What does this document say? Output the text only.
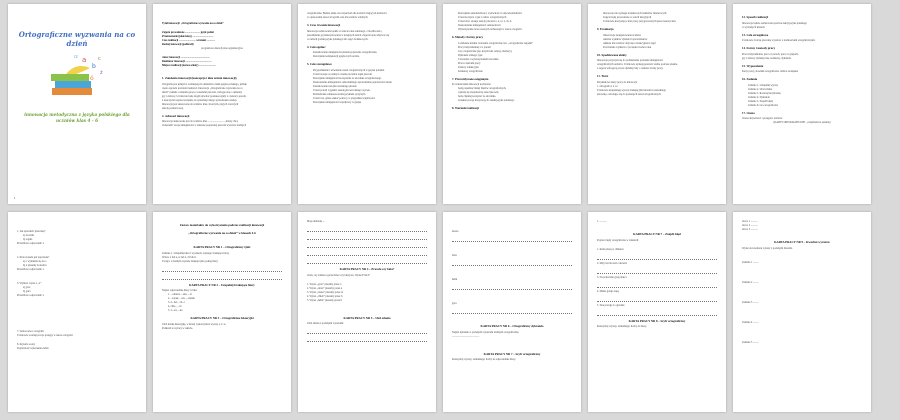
Ortograficzne wyzwania na co dzień
a
b
c
ó
ż
rz
innowacja metodyczna z języka polskiego dla uczniów klas 4 - 6
1
Tytuł innowacji: „Ortograficzne wyzwania na co dzień”
Zajęcia prowadzone ....................... język polski
Przeznaczenie (jakie klasy) ................................
Czas realizacji .......................... wrzesień .............
Rodzaj innowacji (podkreśl):
programowa metodyczna organizacyjna
Autor innowacji .............................................
Realizator innowacji ........................................
Miejsce realizacji (nazwa szkoły) ..........................
1. Założenia innowacji (koncepcja i idea ucznia innowacji)
Ortografia jest jednym z ważniejszych elementów nauki języka polskiego, jednak
często sprawia uczniom trudności. Innowacja „Ortograficzne wyzwania na co
dzień” zakłada codzienną pracę z zasadami pisowni, wzbogaconą o elementy
gry i zabawy. Uczniowie będą mogli utrwalać poznane reguły w ciekawy sposób,
a nauczyciel uzyska narzędzie do systematycznego sprawdzania wiedzy.
Innowacja jest skierowana do uczniów klas czwartych, piątych i szóstych
szkoły podstawowej.
2. Adresaci innowacji
Innowacja skierowana jest do uczniów klas .......................... ,którzy chcą
doskonalić swoje umiejętności w zakresie poprawnej pisowni wyrazów trudnych
ortograficznie. Będzie także ona wsparciem dla uczniów mających trudności
w opanowaniu zasad ortografii oraz dla uczniów zdolnych.
3. Czas trwania innowacji
Innowacja realizowana będzie w trakcie roku szkolnego, z możliwością
przedłużenia jej funkcjonowania w kolejnych latach. Zajęcia będą odbywać się
w ramach godzin języka polskiego lub zajęć dodatkowych.
4. Cele ogólne:
Kształtowanie umiejętności pisania poprawnie ortograficznie,
Rozwijanie kompetencji językowych ucznia.
5. Cele szczegółowe
Przypomnienie i utrwalenie zasad ortograficznych w języku polskim
Uczeń stosuje w praktyce wiedzę na temat reguł pisowni
Rozwijanie umiejętności korzystania ze słownika ortograficznego
Doskonalenie umiejętności samodzielnego sprawdzania poprawności tekstu
Kształtowanie nawyku starannego pisania
Uczeń potrafi wyjaśnić zasadę pisowni danego wyrazu
Rozbudzanie zainteresowania językiem ojczystym
Uczeń wie, gdzie szukać pomocy w przypadku wątpliwości
Rozwijanie umiejętności współpracy w grupie
Rozwijanie samodzielności, wytrwałości i odpowiedzialności
Uczeń korzysta z gier i zabaw ortograficznych
Uczeń zna i stosuje zasady pisowni ó, u, rz, ż, ch, h
Doskonalenie umiejętności samokontroli
Wykorzystanie nowoczesnych technologii w nauce ortografii
6. Metody i formy pracy
Codzienne krótkie ćwiczenia ortograficzne tzw. „ortograficzne zagadki”
Pracy indywidualnej i w parach
Gry ortograficzne (np. krzyżówki, rebusy, memory)
Dyktanda różnego typu
Ćwiczenia z wykorzystaniem słownika
Praca z kartami pracy
Zabawy edukacyjne
Konkursy ortograficzne
7. Przewidywane osiągnięcia
Po zakończeniu innowacji uczniowie:
będą popełniać mniej błędów ortograficznych,
wykażą się znajomością zasad pisowni,
będą chętniej korzystać ze słownika,
zwiększą swoją motywację do nauki języka polskiego.
8. Warunki realizacji
Innowacja nie wymaga dodatkowych nakładów finansowych.
Zajęcia będą prowadzone w salach lekcyjnych
Uczniowie korzystają z kart pracy przygotowanych przez nauczyciela.
9. Ewaluacja
Obserwacje zaangażowania uczniów
Analiza wyników dyktand i sprawdzianów
Ankieta dla uczniów dotycząca atrakcyjności zajęć
Porównanie wyników z początku i końca roku
10. Spodziewane efekty
Innowacja przyczyni się do podniesienia poziomu umiejętności
ortograficznych uczniów. Uczniowie zyskają pewność siebie podczas pisania,
a zajęcia wzbogacą proces dydaktyczny o ciekawe formy pracy.
11. Treść
Przykładowe karty pracy do innowacji
1. Ortografia z ó i u
Uczniowie uzupełniają wyrazy brakującymi literami i uzasadniają
pisownię, odwołując się do poznanych zasad ortograficznych.
12. Sposób realizacji
Innowacja będzie realizowana podczas lekcji języka polskiego
w wybranych klasach.
13. Cele szczegółowe
Uczniowie ćwiczą pisownię wyrazów z trudnościami ortograficznymi.
14. Formy i metody pracy
Praca indywidualna, praca w parach, praca w grupach,
gry i zabawy dydaktyczne, konkursy, dyktanda.
15. Wyposażenie
Karty pracy, słowniki ortograficzne, tablica, komputer
16. Zadania
Zadanie 1. Uzupełnij wyrazy
Zadanie 2. Ułóż zdania
Zadanie 3. Rozwiąż krzyżówkę
Zadanie 4. Dyktando
Zadanie 5. Znajdź błędy
Zadanie 6. Gra ortograficzna
17. Ocena
Ocena aktywności i postępów uczniów
(KARTY ORTOGRAFICZNE – przykładowe zadania)
1. Jak sprawdzić pisownię?
a) słownik
b) reguła
Prawidłowa odpowiedź: a
2. Która zasada jest poprawna?
a) ó wymienia się na o
b) u piszemy na końcu
Prawidłowa odpowiedź: a
3. Wybierz wyraz z „ó”
a) góra
b) gura
Prawidłowa odpowiedź: a
7. Samoocena z ortografii
Uczniowie oceniają swoje postępy w nauce ortografii
8. Kryteria oceny
Poprawność wykonania zadań
Zestaw materiałów do wykorzystania podczas realizacji innowacji
„Ortograficzne wyzwania na co dzień” w klasach 4-6
KARTA PRACY NR 1 – Ortograficzny Quiz
Zadanie 1. Uzupełnij luki w wyrazach, wpisując brakujące litery.
Wstaw ó lub u, rz lub ż, ch lub h.
Uwaga: w każdym wyrazie brakuje tylko jednej litery.
KARTA PRACY NR 2 – Uzupełnij brakujące litery
Napisz odpowiednie litery w luki.
1. ...ołnierz, ...eka, ...ór
2. ...łopak, ...ata, ...ołądek
3. d...bel, ...m...r
4. chle..., ..ść
5. ż...wa, ...ka
KARTA PRACY NR 3 – Ortograficzne historyjki
Ułóż krótką historyjkę, w której wykorzystasz wyrazy z ó i u.
Podkreśl te wyrazy w tekście.
Moje ulubione ...
KARTA PRACY NR 4 – Prawda czy fałsz?
Oceń, czy zdania są prawdziwe czy fałszywe. Wpisz P lub F.
1. Wyraz „góra” piszemy przez ó
2. Wyraz „mórz” piszemy przez u
3. Wyraz „rzeka” piszemy przez rz
4. Wyraz „chleb” piszemy przez h
5. Wyraz „hełm” piszemy przez h
KARTA PRACY NR 5 – Ułóż zdania
Ułóż zdania z podanymi wyrazami:
morze
żaba
hełm
góra
KARTA PRACY NR 6 – Ortograficzny dyktando
Napisz dyktando z podanymi wyrazami trudnymi ortograficznie.
..........................................
KARTA PRACY NR 7 – Szyfr ortograficzny
Rozszyfruj wyrazy, zamieniając liczby na odpowiednie litery.
1. ...........
KARTA PRACY NR 7 – Znajdź błąd
Popraw błędy ortograficzne w zdaniach:
1. Kruk pisze po chmurze
2. Mój brat ma stół z drewna
3. Na podwórku grają dzieci
4. Mama gotuje zupę
5. Tata pracuje w ogrodzie
KARTA PRACY NR 8 – Szyfr ortograficzny
Rozszyfruj wyrazy, zamieniając liczby na litery.
słowo 1 ...........
słowo 2 ...........
słowo 3 ...........
KARTA PRACY NR 9 – Kwadrat wyrazów
Wpisz do kwadratu wyrazy z podanymi literami.
Zadanie 1 .........
Zadanie 2 .........
Zadanie 3 .........
Zadanie 4 .........
Zadanie 5 .........
